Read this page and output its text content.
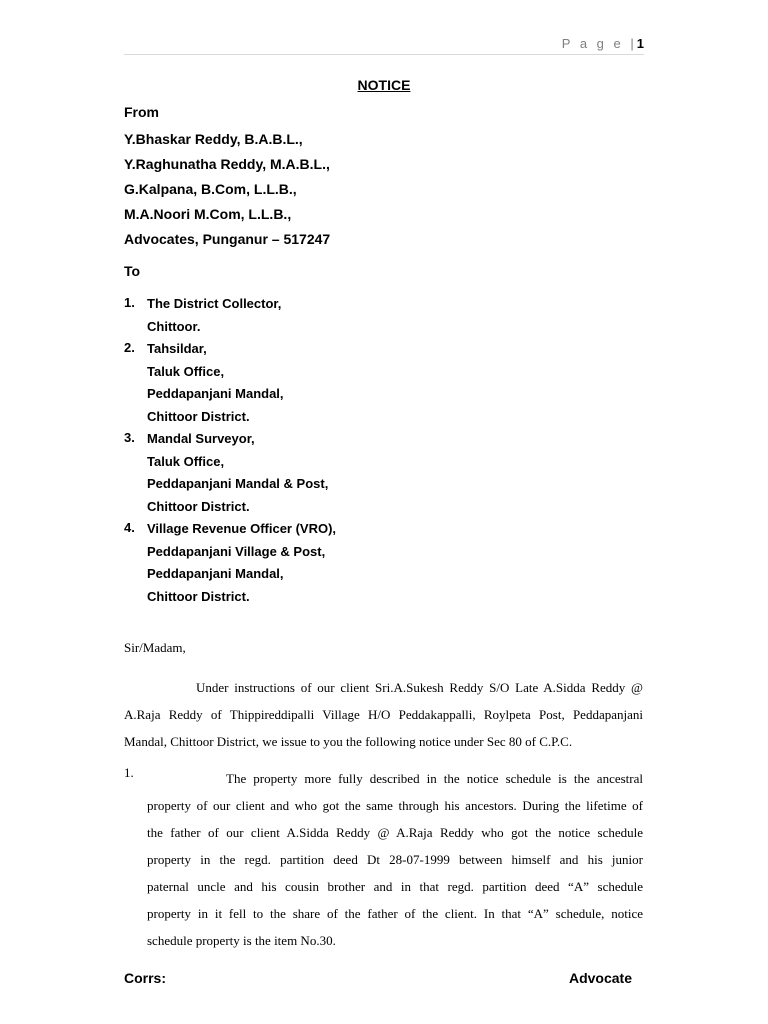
P a g e |1
NOTICE
From
Y.Bhaskar Reddy, B.A.B.L.,
Y.Raghunatha Reddy, M.A.B.L.,
G.Kalpana, B.Com, L.L.B.,
M.A.Noori M.Com, L.L.B.,
Advocates, Punganur – 517247
To
1. The District Collector,
Chittoor.
2. Tahsildar,
Taluk Office,
Peddapanjani Mandal,
Chittoor District.
3. Mandal Surveyor,
Taluk Office,
Peddapanjani Mandal & Post,
Chittoor District.
4. Village Revenue Officer (VRO),
Peddapanjani Village & Post,
Peddapanjani Mandal,
Chittoor District.
Sir/Madam,
Under instructions of our client Sri.A.Sukesh Reddy S/O Late A.Sidda Reddy @
A.Raja Reddy of Thippireddipalli Village H/O Peddakappalli, Roylpeta Post, Peddapanjani
Mandal, Chittoor District, we issue to you the following notice under Sec 80 of C.P.C.
1.	The property more fully described in the notice schedule is the ancestral
property of our client and who got the same through his ancestors. During the lifetime of
the father of our client A.Sidda Reddy @ A.Raja Reddy who got the notice schedule
property in the regd. partition deed Dt 28-07-1999 between himself and his junior
paternal uncle and his cousin brother and in that regd. partition deed “A” schedule
property in it fell to the share of the father of the client. In that “A” schedule, notice
schedule property is the item No.30.
Corrs:	Advocate
